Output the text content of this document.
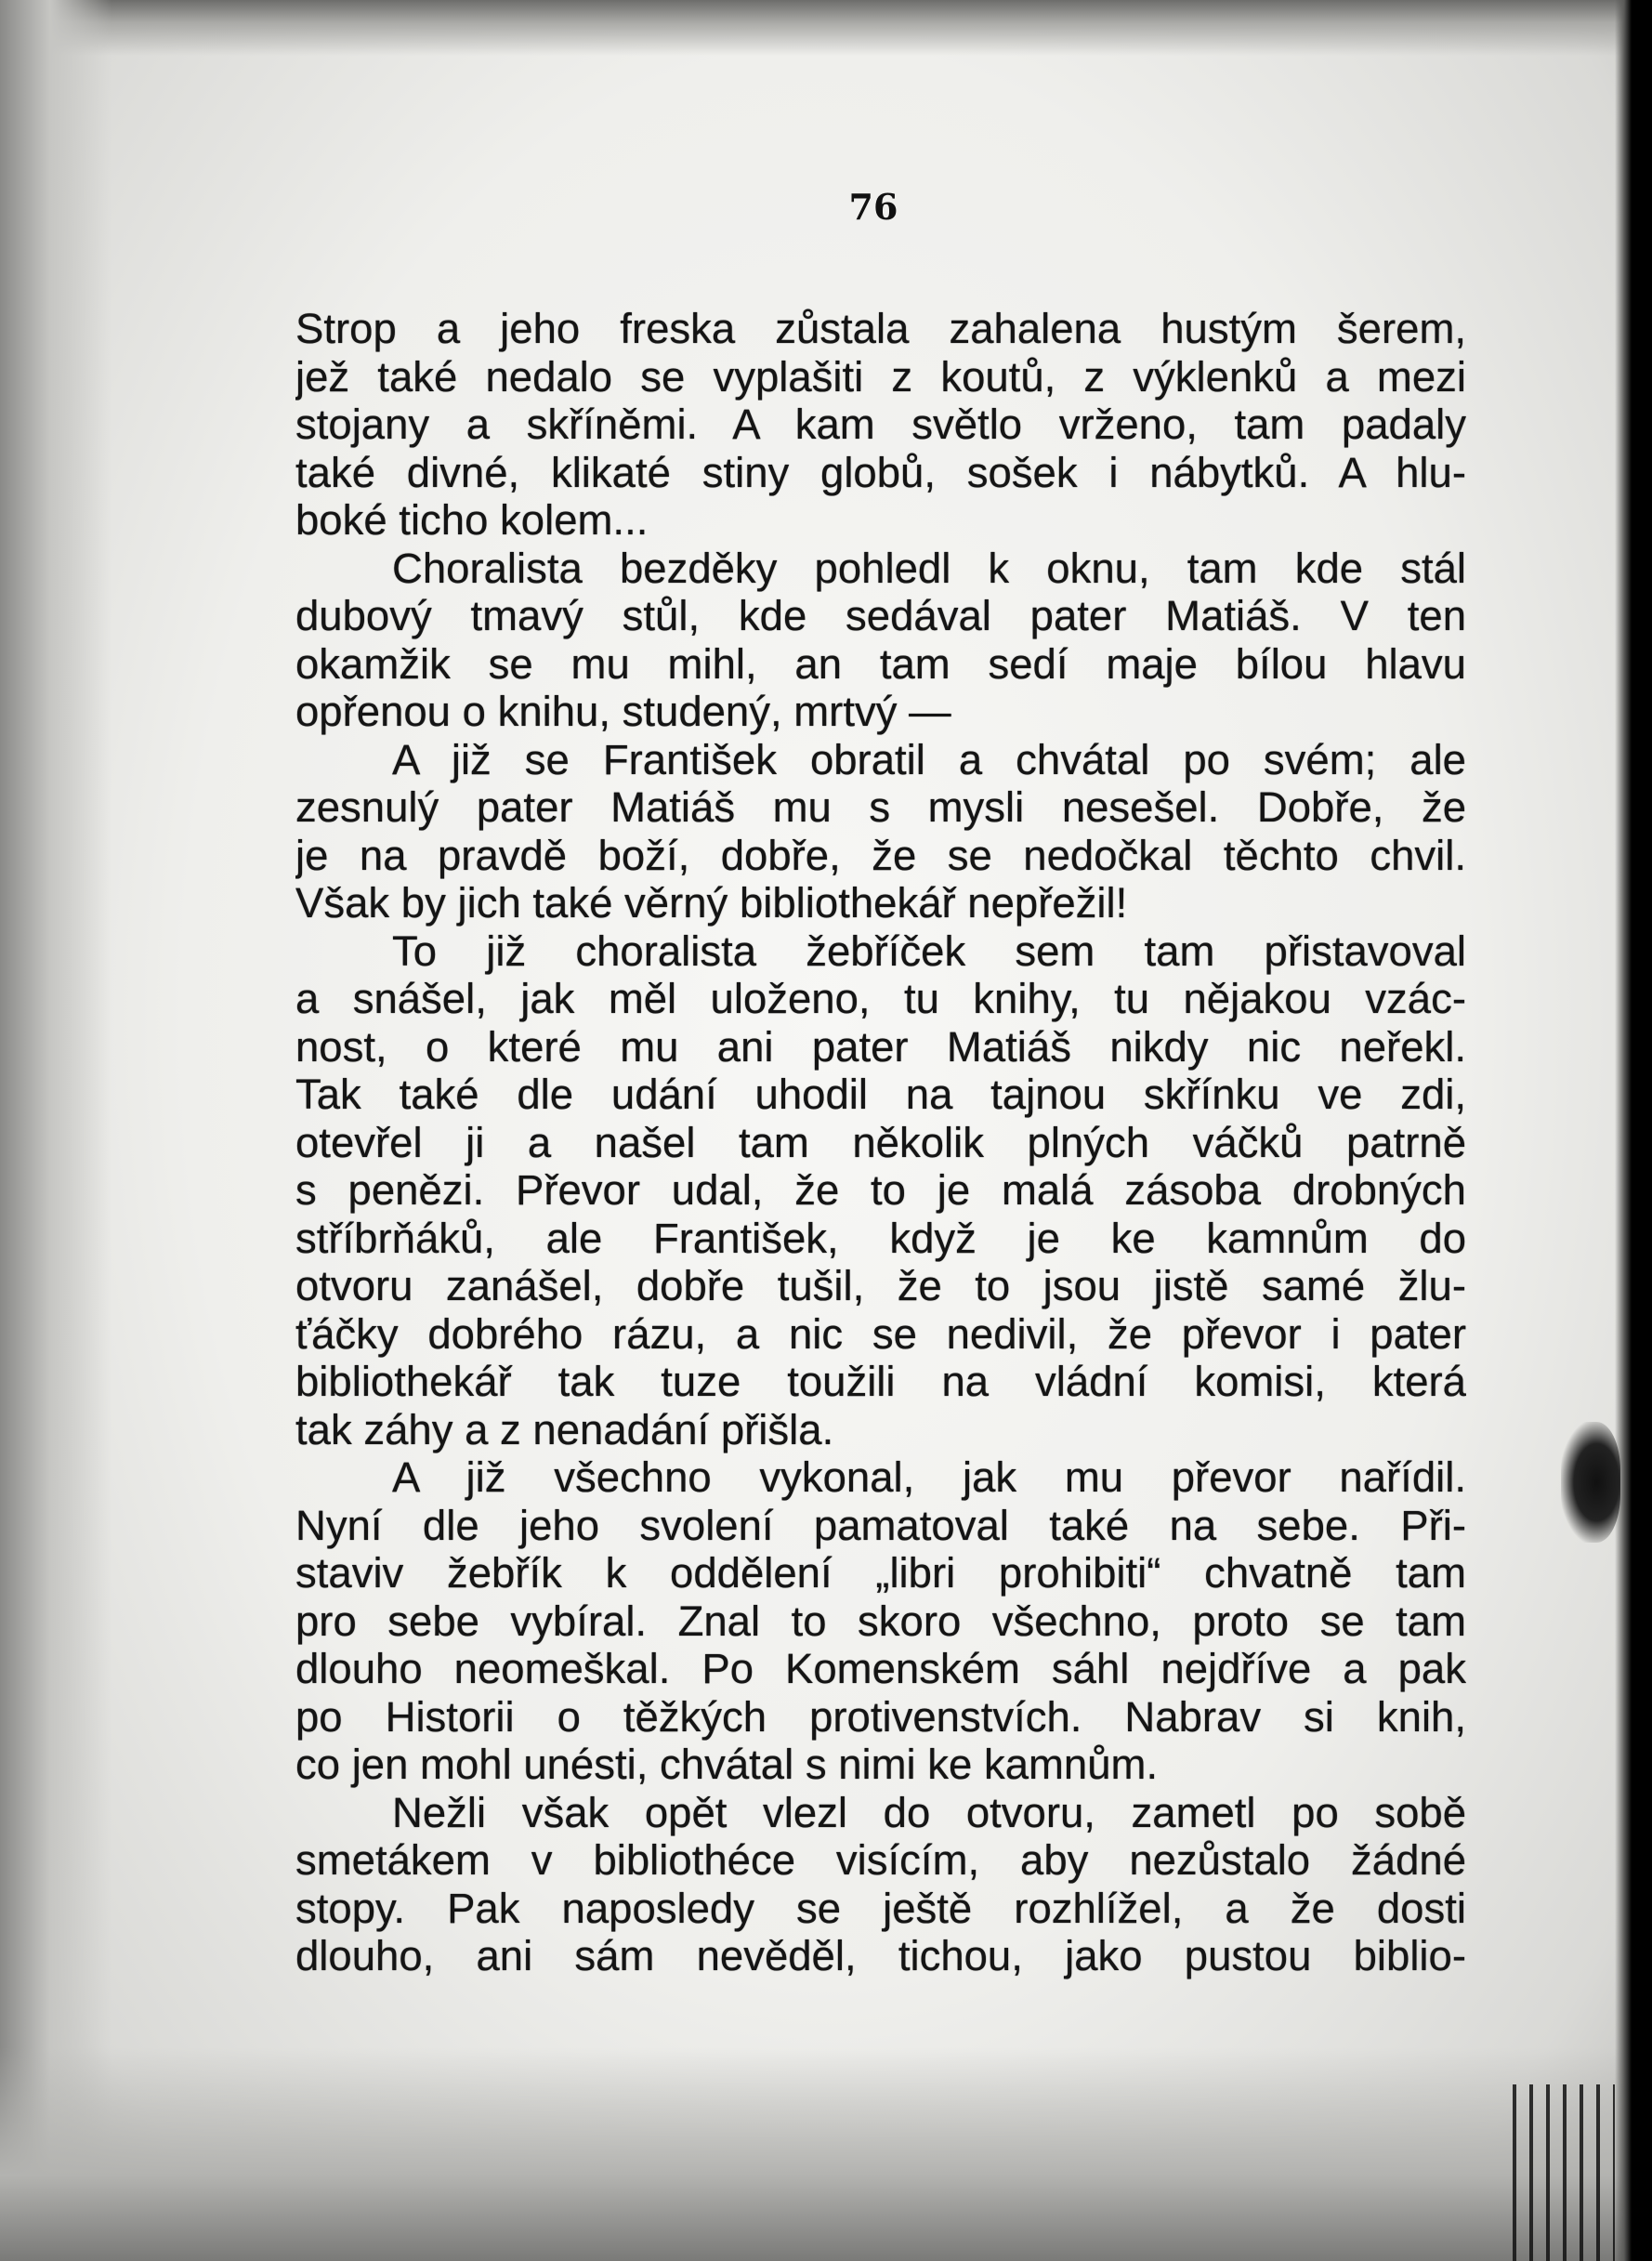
76
Strop a jeho freska zůstala zahalena hustým šerem,
jež také nedalo se vyplašiti z koutů, z výklenků a mezi
stojany a skříněmi. A kam světlo vrženo, tam padaly
také divné, klikaté stiny globů, sošek i nábytků. A hlu-
boké ticho kolem...
Choralista bezděky pohledl k oknu, tam kde stál
dubový tmavý stůl, kde sedával pater Matiáš. V ten
okamžik se mu mihl, an tam sedí maje bílou hlavu
opřenou o knihu, studený, mrtvý —
A již se František obratil a chvátal po svém; ale
zesnulý pater Matiáš mu s mysli nesešel. Dobře, že
je na pravdě boží, dobře, že se nedočkal těchto chvil.
Však by jich také věrný bibliothekář nepřežil!
To již choralista žebříček sem tam přistavoval
a snášel, jak měl uloženo, tu knihy, tu nějakou vzác-
nost, o které mu ani pater Matiáš nikdy nic neřekl.
Tak také dle udání uhodil na tajnou skřínku ve zdi,
otevřel ji a našel tam několik plných váčků patrně
s penězi. Převor udal, že to je malá zásoba drobných
stříbrňáků, ale František, když je ke kamnům do
otvoru zanášel, dobře tušil, že to jsou jistě samé žlu-
ťáčky dobrého rázu, a nic se nedivil, že převor i pater
bibliothekář tak tuze toužili na vládní komisi, která
tak záhy a z nenadání přišla.
A již všechno vykonal, jak mu převor nařídil.
Nyní dle jeho svolení pamatoval také na sebe. Při-
staviv žebřík k oddělení „libri prohibiti“ chvatně tam
pro sebe vybíral. Znal to skoro všechno, proto se tam
dlouho neomeškal. Po Komenském sáhl nejdříve a pak
po Historii o těžkých protivenstvích. Nabrav si knih,
co jen mohl unésti, chvátal s nimi ke kamnům.
Nežli však opět vlezl do otvoru, zametl po sobě
smetákem v bibliothéce visícím, aby nezůstalo žádné
stopy. Pak naposledy se ještě rozhlížel, a že dosti
dlouho, ani sám nevěděl, tichou, jako pustou biblio-
